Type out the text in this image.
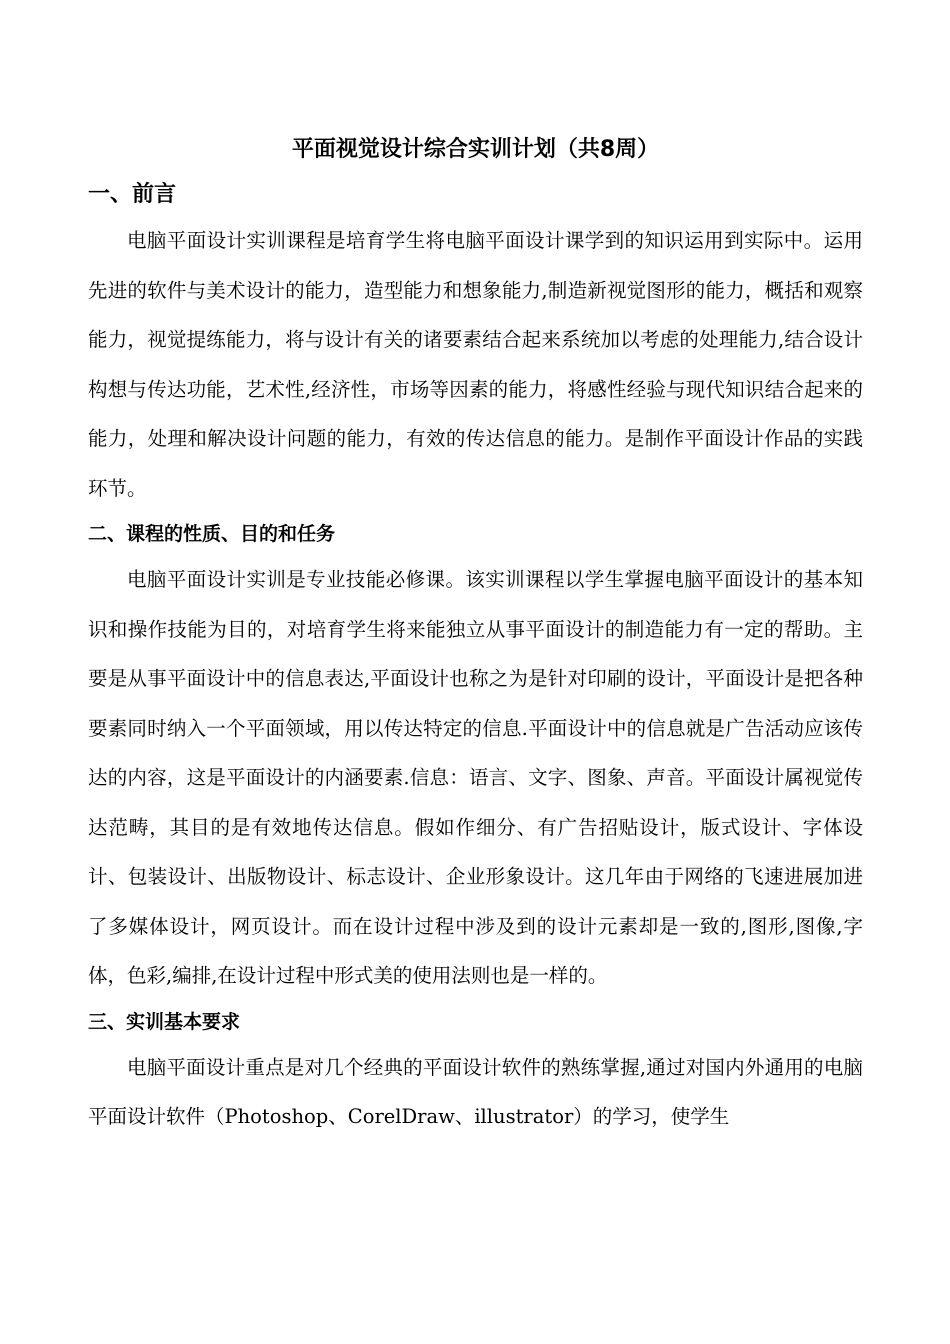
平面视觉设计综合实训计划（共8周）
一、前言

电脑平面设计实训课程是培育学生将电脑平面设计课学到的知识运用到实际中。运用先进的软件与美术设计的能力，造型能力和想象能力,制造新视觉图形的能力，概括和观察能力，视觉提练能力，将与设计有关的诸要素结合起来系统加以考虑的处理能力,结合设计构想与传达功能，艺术性,经济性，市场等因素的能力，将感性经验与现代知识结合起来的能力，处理和解决设计问题的能力，有效的传达信息的能力。是制作平面设计作品的实践环节。

二、课程的性质、目的和任务

电脑平面设计实训是专业技能必修课。该实训课程以学生掌握电脑平面设计的基本知识和操作技能为目的，对培育学生将来能独立从事平面设计的制造能力有一定的帮助。主要是从事平面设计中的信息表达,平面设计也称之为是针对印刷的设计，平面设计是把各种要素同时纳入一个平面领域，用以传达特定的信息.平面设计中的信息就是广告活动应该传达的内容，这是平面设计的内涵要素.信息：语言、文字、图象、声音。平面设计属视觉传达范畴，其目的是有效地传达信息。假如作细分、有广告招贴设计，版式设计、字体设计、包装设计、出版物设计、标志设计、企业形象设计。这几年由于网络的飞速进展加进了多媒体设计，网页设计。而在设计过程中涉及到的设计元素却是一致的,图形,图像,字体，色彩,编排,在设计过程中形式美的使用法则也是一样的。

三、实训基本要求

电脑平面设计重点是对几个经典的平面设计软件的熟练掌握,通过对国内外通用的电脑平面设计软件（Photoshop、CorelDraw、illustrator）的学习，使学生
